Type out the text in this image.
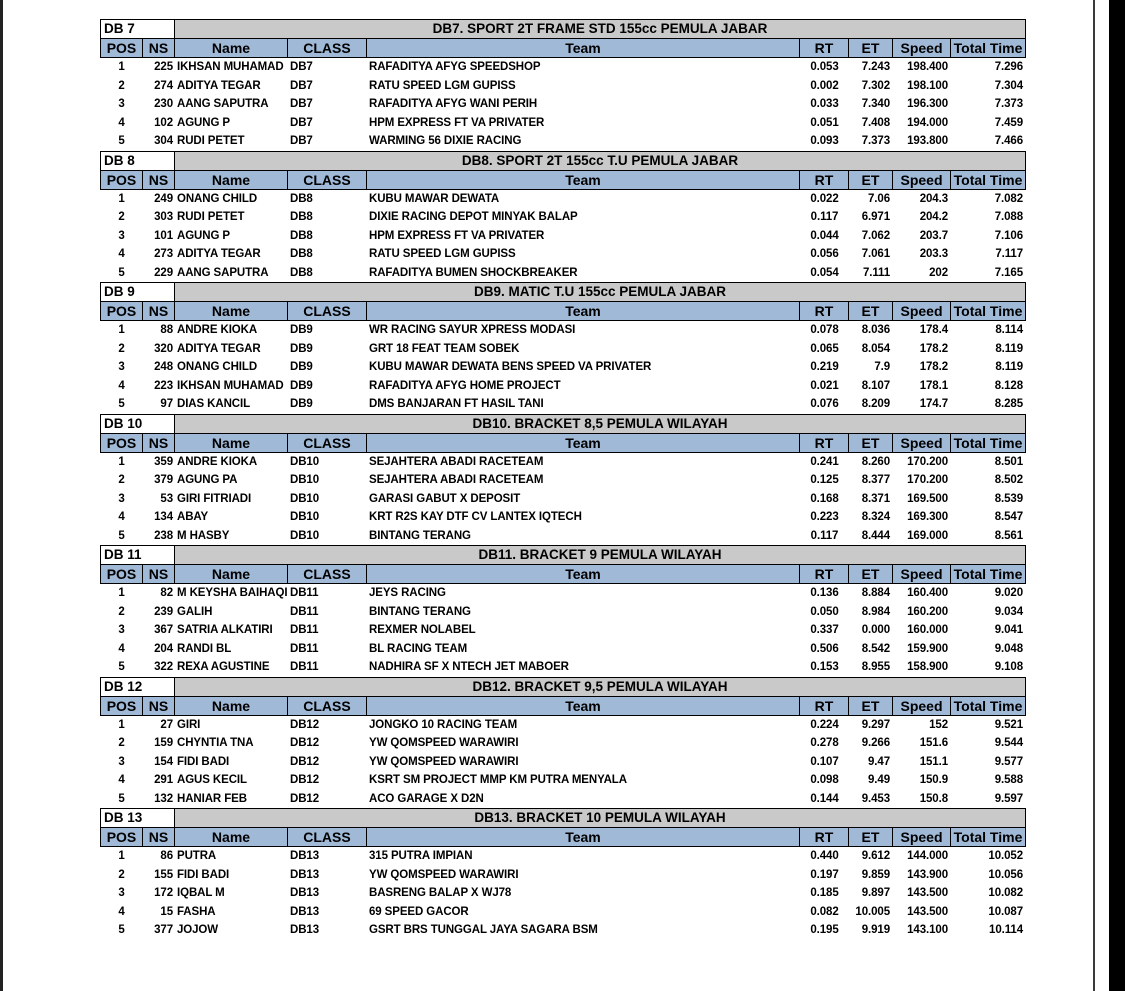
DB 7	DB7. SPORT 2T FRAME STD 155cc PEMULA JABAR
POS NS	Name	CLASS	Team	RT	ET	Speed Total Time
1	225 IKHSAN MUHAMAD DB7	RAFADITYA AFYG SPEEDSHOP	0.053	7.243	198.400	7.296
2	274 ADITYA TEGAR	DB7	RATU SPEED LGM GUPISS	0.002	7.302	198.100	7.304
3	230 AANG SAPUTRA	DB7	RAFADITYA AFYG WANI PERIH	0.033	7.340	196.300	7.373
4	102 AGUNG P	DB7	HPM EXPRESS FT VA PRIVATER	0.051	7.408	194.000	7.459
5	304 RUDI PETET	DB7	WARMING 56 DIXIE RACING	0.093	7.373	193.800	7.466
DB 8	DB8. SPORT 2T 155cc T.U PEMULA JABAR
POS NS	Name	CLASS	Team	RT	ET	Speed Total Time
1	249 ONANG CHILD	DB8	KUBU MAWAR DEWATA	0.022	7.06	204.3	7.082
2	303 RUDI PETET	DB8	DIXIE RACING DEPOT MINYAK BALAP	0.117	6.971	204.2	7.088
3	101 AGUNG P	DB8	HPM EXPRESS FT VA PRIVATER	0.044	7.062	203.7	7.106
4	273 ADITYA TEGAR	DB8	RATU SPEED LGM GUPISS	0.056	7.061	203.3	7.117
5	229 AANG SAPUTRA	DB8	RAFADITYA BUMEN SHOCKBREAKER	0.054	7.111	202	7.165
DB 9	DB9. MATIC T.U 155cc PEMULA JABAR
POS NS	Name	CLASS	Team	RT	ET	Speed Total Time
1	88 ANDRE KIOKA	DB9	WR RACING SAYUR XPRESS MODASI	0.078	8.036	178.4	8.114
2	320 ADITYA TEGAR	DB9	GRT 18 FEAT TEAM SOBEK	0.065	8.054	178.2	8.119
3	248 ONANG CHILD	DB9	KUBU MAWAR DEWATA BENS SPEED VA PRIVATER	0.219	7.9	178.2	8.119
4	223 IKHSAN MUHAMAD DB9	RAFADITYA AFYG HOME PROJECT	0.021	8.107	178.1	8.128
5	97 DIAS KANCIL	DB9	DMS BANJARAN FT HASIL TANI	0.076	8.209	174.7	8.285
DB 10	DB10. BRACKET 8,5 PEMULA WILAYAH
POS NS	Name	CLASS	Team	RT	ET	Speed Total Time
1	359 ANDRE KIOKA	DB10	SEJAHTERA ABADI RACETEAM	0.241	8.260	170.200	8.501
2	379 AGUNG PA	DB10	SEJAHTERA ABADI RACETEAM	0.125	8.377	170.200	8.502
3	53 GIRI FITRIADI	DB10	GARASI GABUT X DEPOSIT	0.168	8.371	169.500	8.539
4	134 ABAY	DB10	KRT R2S KAY DTF CV LANTEX IQTECH	0.223	8.324	169.300	8.547
5	238 M HASBY	DB10	BINTANG TERANG	0.117	8.444	169.000	8.561
DB 11	DB11. BRACKET 9 PEMULA WILAYAH
POS NS	Name	CLASS	Team	RT	ET	Speed Total Time
1	82 M KEYSHA BAIHAQI DB11	JEYS RACING	0.136	8.884	160.400	9.020
2	239 GALIH	DB11	BINTANG TERANG	0.050	8.984	160.200	9.034
3	367 SATRIA ALKATIRI	DB11	REXMER NOLABEL	0.337	0.000	160.000	9.041
4	204 RANDI BL	DB11	BL RACING TEAM	0.506	8.542	159.900	9.048
5	322 REXA AGUSTINE	DB11	NADHIRA SF X NTECH JET MABOER	0.153	8.955	158.900	9.108
DB 12	DB12. BRACKET 9,5 PEMULA WILAYAH
POS NS	Name	CLASS	Team	RT	ET	Speed Total Time
1	27 GIRI	DB12	JONGKO 10 RACING TEAM	0.224	9.297	152	9.521
2	159 CHYNTIA TNA	DB12	YW QOMSPEED WARAWIRI	0.278	9.266	151.6	9.544
3	154 FIDI BADI	DB12	YW QOMSPEED WARAWIRI	0.107	9.47	151.1	9.577
4	291 AGUS KECIL	DB12	KSRT SM PROJECT MMP KM PUTRA MENYALA	0.098	9.49	150.9	9.588
5	132 HANIAR FEB	DB12	ACO GARAGE X D2N	0.144	9.453	150.8	9.597
DB 13	DB13. BRACKET 10 PEMULA WILAYAH
POS NS	Name	CLASS	Team	RT	ET	Speed Total Time
1	86 PUTRA	DB13	315 PUTRA IMPIAN	0.440	9.612	144.000	10.052
2	155 FIDI BADI	DB13	YW QOMSPEED WARAWIRI	0.197	9.859	143.900	10.056
3	172 IQBAL M	DB13	BASRENG BALAP X WJ78	0.185	9.897	143.500	10.082
4	15 FASHA	DB13	69 SPEED GACOR	0.082	10.005	143.500	10.087
5	377 JOJOW	DB13	GSRT BRS TUNGGAL JAYA SAGARA BSM	0.195	9.919	143.100	10.114
